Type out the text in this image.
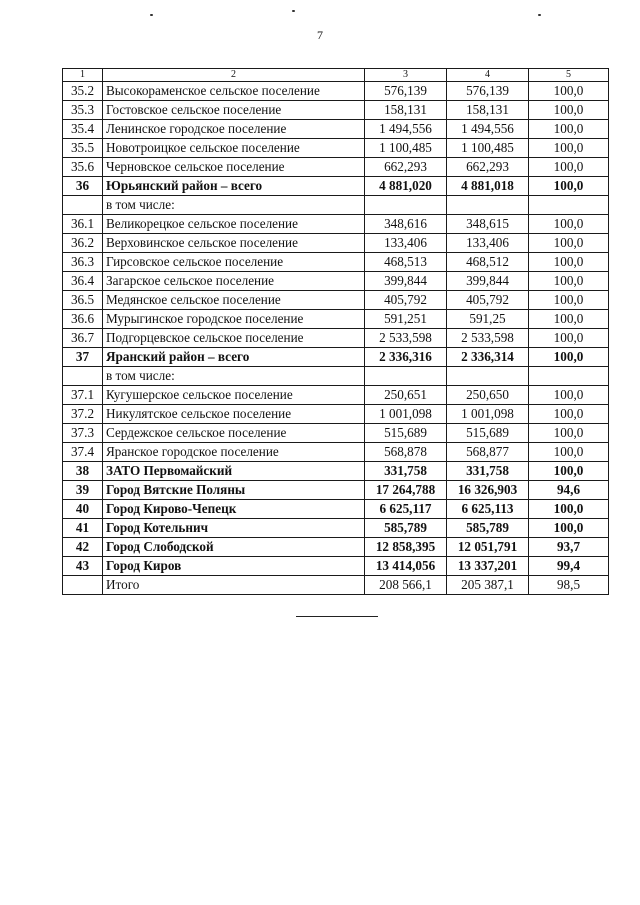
7
1	2	3	4	5
35.2	Высокораменское сельское поселение	576,139	576,139	100,0
35.3	Гостовское сельское поселение	158,131	158,131	100,0
35.4	Ленинское городское поселение	1 494,556	1 494,556	100,0
35.5	Новотроицкое сельское поселение	1 100,485	1 100,485	100,0
35.6	Черновское сельское поселение	662,293	662,293	100,0
36	Юрьянский район – всего	4 881,020	4 881,018	100,0
	в том числе:			
36.1	Великорецкое сельское поселение	348,616	348,615	100,0
36.2	Верховинское сельское поселение	133,406	133,406	100,0
36.3	Гирсовское сельское поселение	468,513	468,512	100,0
36.4	Загарское сельское поселение	399,844	399,844	100,0
36.5	Медянское сельское поселение	405,792	405,792	100,0
36.6	Мурыгинское городское поселение	591,251	591,25	100,0
36.7	Подгорцевское сельское поселение	2 533,598	2 533,598	100,0
37	Яранский район – всего	2 336,316	2 336,314	100,0
	в том числе:			
37.1	Кугушерское сельское поселение	250,651	250,650	100,0
37.2	Никулятское сельское поселение	1 001,098	1 001,098	100,0
37.3	Сердежское сельское поселение	515,689	515,689	100,0
37.4	Яранское городское поселение	568,878	568,877	100,0
38	ЗАТО Первомайский	331,758	331,758	100,0
39	Город Вятские Поляны	17 264,788	16 326,903	94,6
40	Город Кирово-Чепецк	6 625,117	6 625,113	100,0
41	Город Котельнич	585,789	585,789	100,0
42	Город Слободской	12 858,395	12 051,791	93,7
43	Город Киров	13 414,056	13 337,201	99,4
	Итого	208 566,1	205 387,1	98,5
